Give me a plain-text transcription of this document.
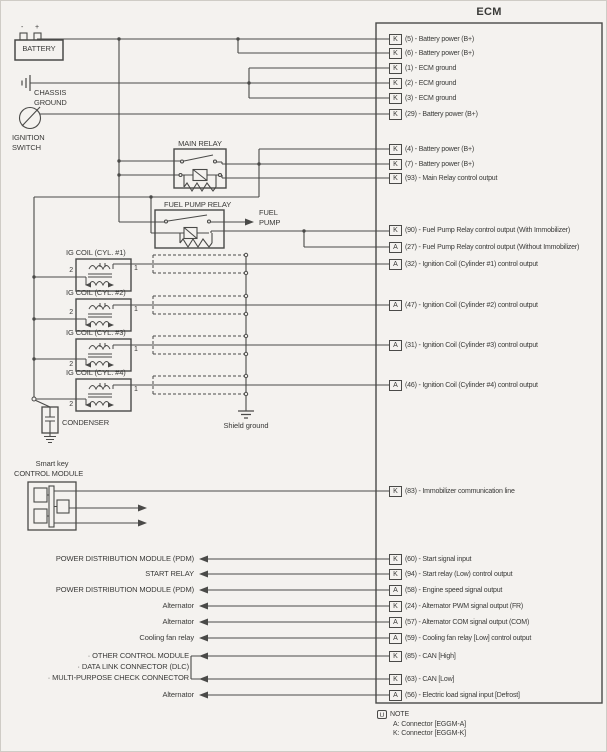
ECM
BATTERY
- +
CHASSIS
GROUND
IGNITION
SWITCH	MAIN RELAY
FUEL PUMP RELAY
FUEL
PUMP
IG COIL (CYL. #1)
2	1
IG COIL (CYL. #2)
2	1
IG COIL (CYL. #3)
2
1
IG COIL (CYL. #4)
2
1
CONDENSER	Shield ground
Smart key
CONTROL MODULE
· OTHER CONTROL MODULE
· DATA LINK CONNECTOR (DLC)
· MULTI-PURPOSE CHECK CONNECTOR
U NOTE
A: Connector [EGGM-A]
K: Connector [EGGM-K]
K	(5) - Battery power (B+)
K	(6) - Battery power (B+)
K	(1) - ECM ground
K	(2) - ECM ground
K	(3) - ECM ground
K	(29) - Battery power (B+)
K	(4) - Battery power (B+)
K	(7) - Battery power (B+)
K	(93) - Main Relay control output
K	(90) - Fuel Pump Relay control output (With Immobilizer)
A	(27) - Fuel Pump Relay control output (Without Immobilizer)
A	(32) - Ignition Coil (Cylinder #1) control output
A	(47) - Ignition Coil (Cylinder #2) control output
A	(31) - Ignition Coil (Cylinder #3) control output
A	(46) - Ignition Coil (Cylinder #4) control output
K	(83) - Immobilizer communication line
K	(60) - Start signal input
K	(94) - Start relay (Low) control output
A	(58) - Engine speed signal output
K	(24) - Alternator PWM signal output (FR)
A	(57) - Alternator COM signal output (COM)
A	(59) - Cooling fan relay [Low] control output
K	(85) - CAN [High]
K	(63) - CAN [Low]
A	(56) - Electric load signal input [Defrost]
POWER DISTRIBUTION MODULE (PDM)
START RELAY
POWER DISTRIBUTION MODULE (PDM)
Alternator
Alternator
Cooling fan relay
Alternator
